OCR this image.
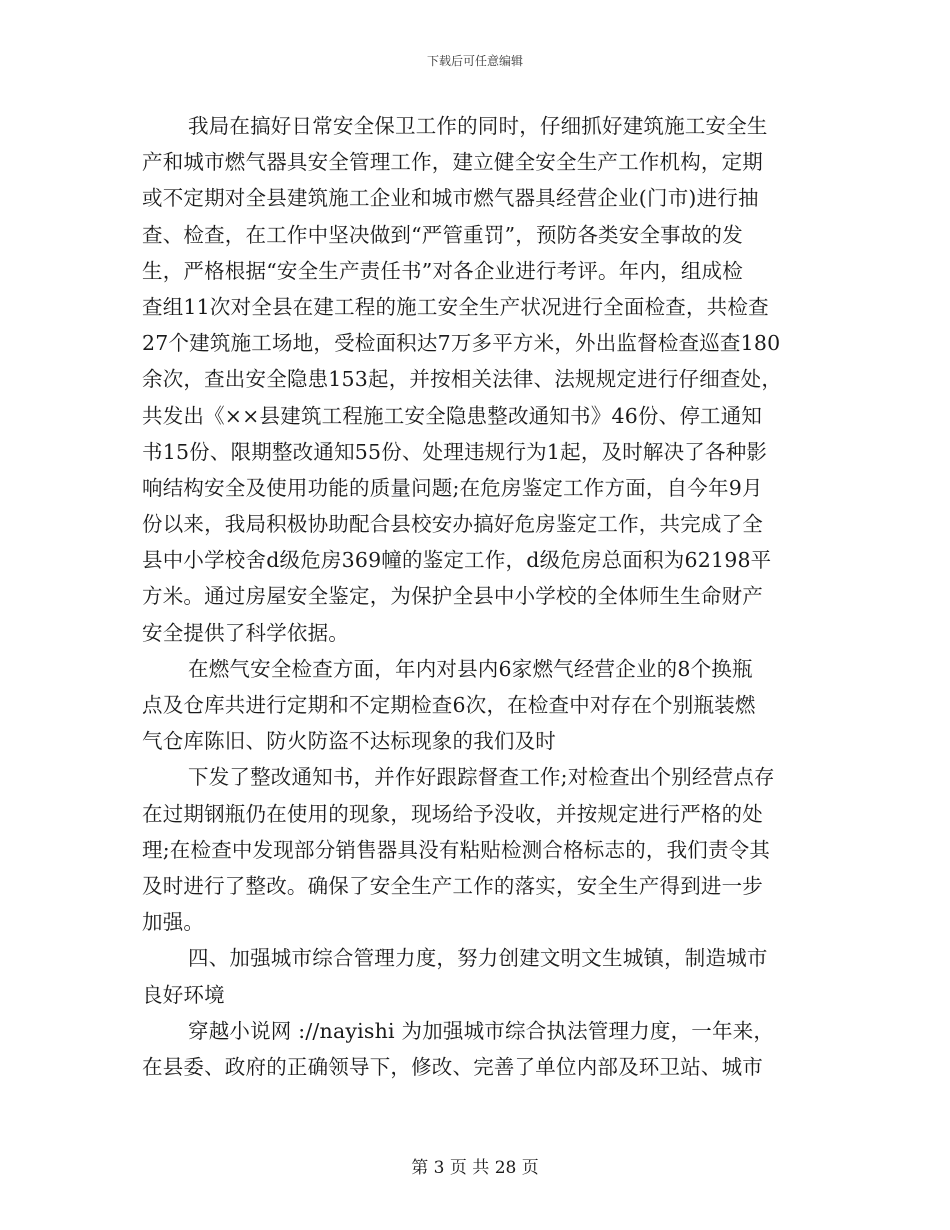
下载后可任意编辑
我局在搞好日常安全保卫工作的同时，仔细抓好建筑施工安全生
产和城市燃气器具安全管理工作，建立健全安全生产工作机构，定期
或不定期对全县建筑施工企业和城市燃气器具经营企业(门市)进行抽
查、检查，在工作中坚决做到“严管重罚”，预防各类安全事故的发
生，严格根据“安全生产责任书”对各企业进行考评。年内，组成检
查组11次对全县在建工程的施工安全生产状况进行全面检查，共检查
27个建筑施工场地，受检面积达7万多平方米，外出监督检查巡查180
余次，查出安全隐患153起，并按相关法律、法规规定进行仔细查处，
共发出《××县建筑工程施工安全隐患整改通知书》46份、停工通知
书15份、限期整改通知55份、处理违规行为1起，及时解决了各种影
响结构安全及使用功能的质量问题;在危房鉴定工作方面，自今年9月
份以来，我局积极协助配合县校安办搞好危房鉴定工作，共完成了全
县中小学校舍d级危房369幢的鉴定工作，d级危房总面积为62198平
方米。通过房屋安全鉴定，为保护全县中小学校的全体师生生命财产
安全提供了科学依据。
在燃气安全检查方面，年内对县内6家燃气经营企业的8个换瓶
点及仓库共进行定期和不定期检查6次，在检查中对存在个别瓶装燃
气仓库陈旧、防火防盗不达标现象的我们及时
下发了整改通知书，并作好跟踪督查工作;对检查出个别经营点存
在过期钢瓶仍在使用的现象，现场给予没收，并按规定进行严格的处
理;在检查中发现部分销售器具没有粘贴检测合格标志的，我们责令其
及时进行了整改。确保了安全生产工作的落实，安全生产得到进一步
加强。
四、加强城市综合管理力度，努力创建文明文生城镇，制造城市
良好环境
穿越小说网 ://nayishi 为加强城市综合执法管理力度，一年来，
在县委、政府的正确领导下，修改、完善了单位内部及环卫站、城市
第 3 页 共 28 页
